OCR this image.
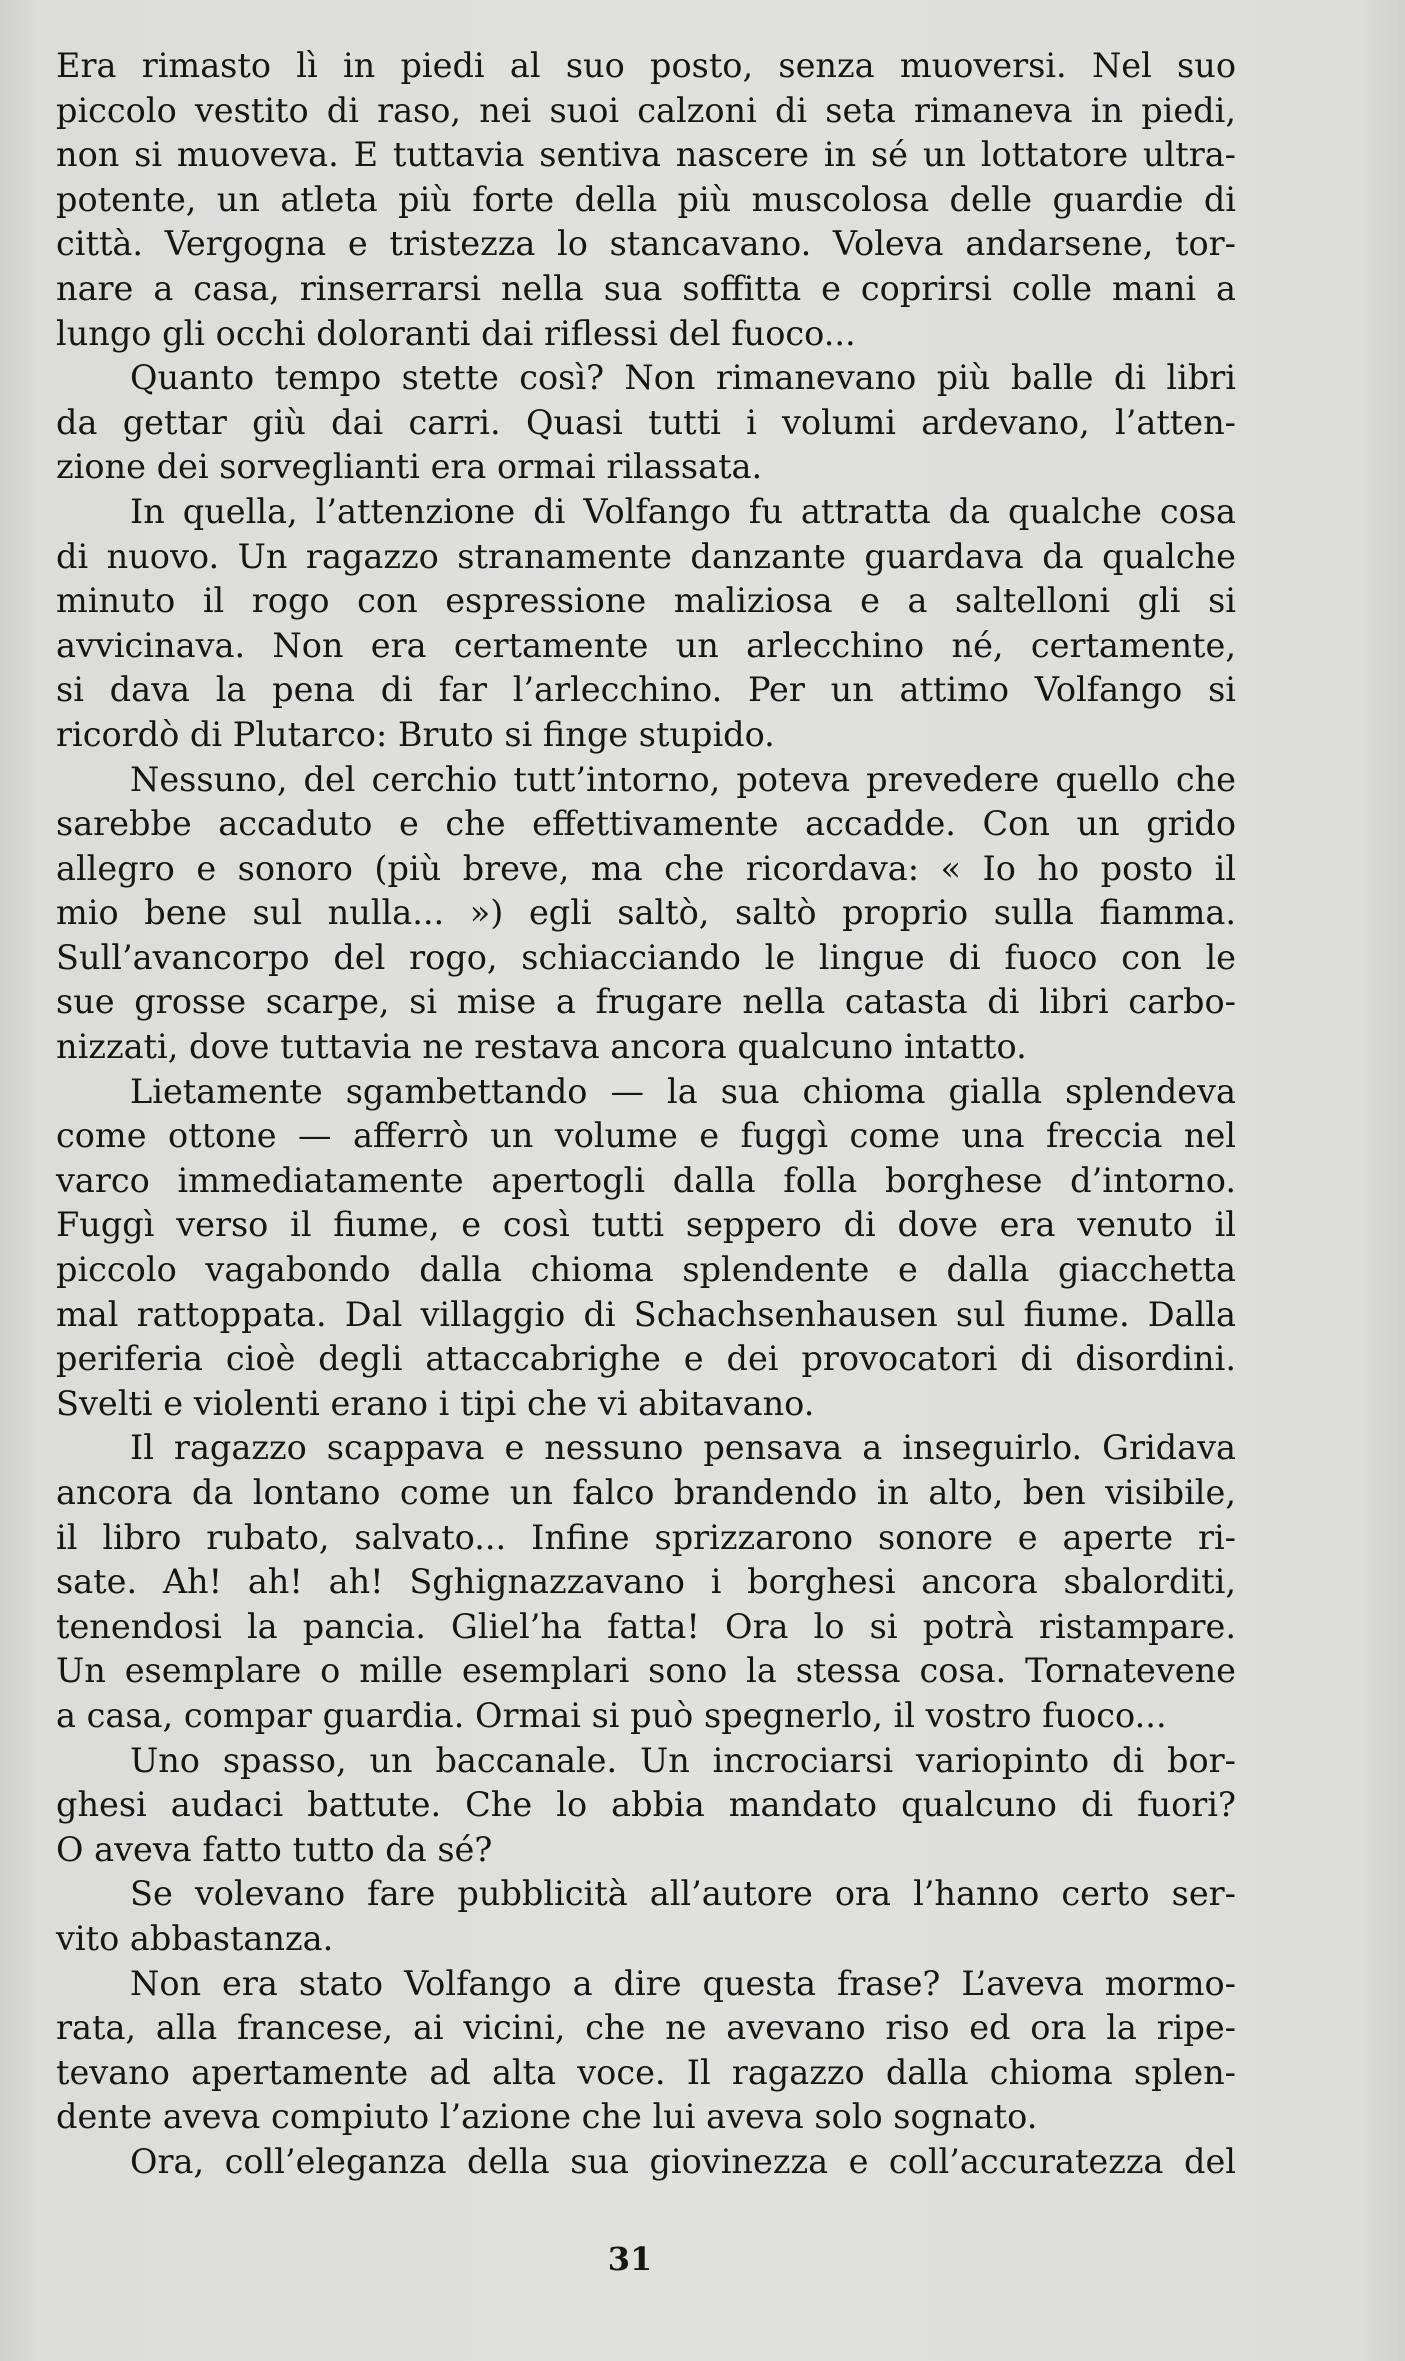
Era rimasto lì in piedi al suo posto, senza muoversi. Nel suo
piccolo vestito di raso, nei suoi calzoni di seta rimaneva in piedi,
non si muoveva. E tuttavia sentiva nascere in sé un lottatore ultra-
potente, un atleta più forte della più muscolosa delle guardie di
città. Vergogna e tristezza lo stancavano. Voleva andarsene, tor-
nare a casa, rinserrarsi nella sua soffitta e coprirsi colle mani a
lungo gli occhi doloranti dai riflessi del fuoco...
Quanto tempo stette così? Non rimanevano più balle di libri
da gettar giù dai carri. Quasi tutti i volumi ardevano, l’atten-
zione dei sorveglianti era ormai rilassata.
In quella, l’attenzione di Volfango fu attratta da qualche cosa
di nuovo. Un ragazzo stranamente danzante guardava da qualche
minuto il rogo con espressione maliziosa e a saltelloni gli si
avvicinava. Non era certamente un arlecchino né, certamente,
si dava la pena di far l’arlecchino. Per un attimo Volfango si
ricordò di Plutarco: Bruto si finge stupido.
Nessuno, del cerchio tutt’intorno, poteva prevedere quello che
sarebbe accaduto e che effettivamente accadde. Con un grido
allegro e sonoro (più breve, ma che ricordava: « Io ho posto il
mio bene sul nulla... ») egli saltò, saltò proprio sulla fiamma.
Sull’avancorpo del rogo, schiacciando le lingue di fuoco con le
sue grosse scarpe, si mise a frugare nella catasta di libri carbo-
nizzati, dove tuttavia ne restava ancora qualcuno intatto.
Lietamente sgambettando — la sua chioma gialla splendeva
come ottone — afferrò un volume e fuggì come una freccia nel
varco immediatamente apertogli dalla folla borghese d’intorno.
Fuggì verso il fiume, e così tutti seppero di dove era venuto il
piccolo vagabondo dalla chioma splendente e dalla giacchetta
mal rattoppata. Dal villaggio di Schachsenhausen sul fiume. Dalla
periferia cioè degli attaccabrighe e dei provocatori di disordini.
Svelti e violenti erano i tipi che vi abitavano.
Il ragazzo scappava e nessuno pensava a inseguirlo. Gridava
ancora da lontano come un falco brandendo in alto, ben visibile,
il libro rubato, salvato... Infine sprizzarono sonore e aperte ri-
sate. Ah! ah! ah! Sghignazzavano i borghesi ancora sbalorditi,
tenendosi la pancia. Gliel’ha fatta! Ora lo si potrà ristampare.
Un esemplare o mille esemplari sono la stessa cosa. Tornatevene
a casa, compar guardia. Ormai si può spegnerlo, il vostro fuoco...
Uno spasso, un baccanale. Un incrociarsi variopinto di bor-
ghesi audaci battute. Che lo abbia mandato qualcuno di fuori?
O aveva fatto tutto da sé?
Se volevano fare pubblicità all’autore ora l’hanno certo ser-
vito abbastanza.
Non era stato Volfango a dire questa frase? L’aveva mormo-
rata, alla francese, ai vicini, che ne avevano riso ed ora la ripe-
tevano apertamente ad alta voce. Il ragazzo dalla chioma splen-
dente aveva compiuto l’azione che lui aveva solo sognato.
Ora, coll’eleganza della sua giovinezza e coll’accuratezza del
31
